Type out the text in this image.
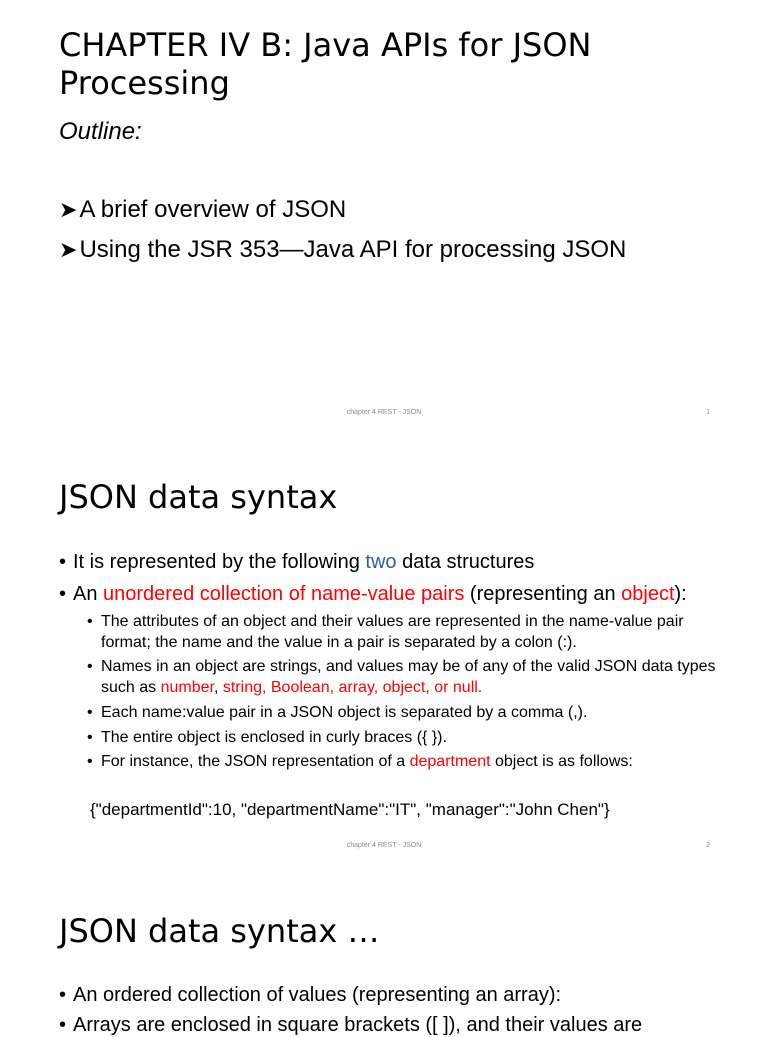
CHAPTER IV B: Java APIs for JSON
Processing
Outline:
➤A brief overview of JSON
➤Using the JSR 353—Java API for processing JSON
chapter 4 REST - JSON	1
JSON data syntax
• It is represented by the following two data structures
• An unordered collection of name-value pairs (representing an object):
• The attributes of an object and their values are represented in the name-value pair format; the name and the value in a pair is separated by a colon (:).
• Names in an object are strings, and values may be of any of the valid JSON data types such as number, string, Boolean, array, object, or null.
• Each name:value pair in a JSON object is separated by a comma (,).
• The entire object is enclosed in curly braces ({ }).
• For instance, the JSON representation of a department object is as follows:
{"departmentId":10, "departmentName":"IT", "manager":"John Chen"}
chapter 4 REST - JSON	2
JSON data syntax …
• An ordered collection of values (representing an array):
• Arrays are enclosed in square brackets ([ ]), and their values are
